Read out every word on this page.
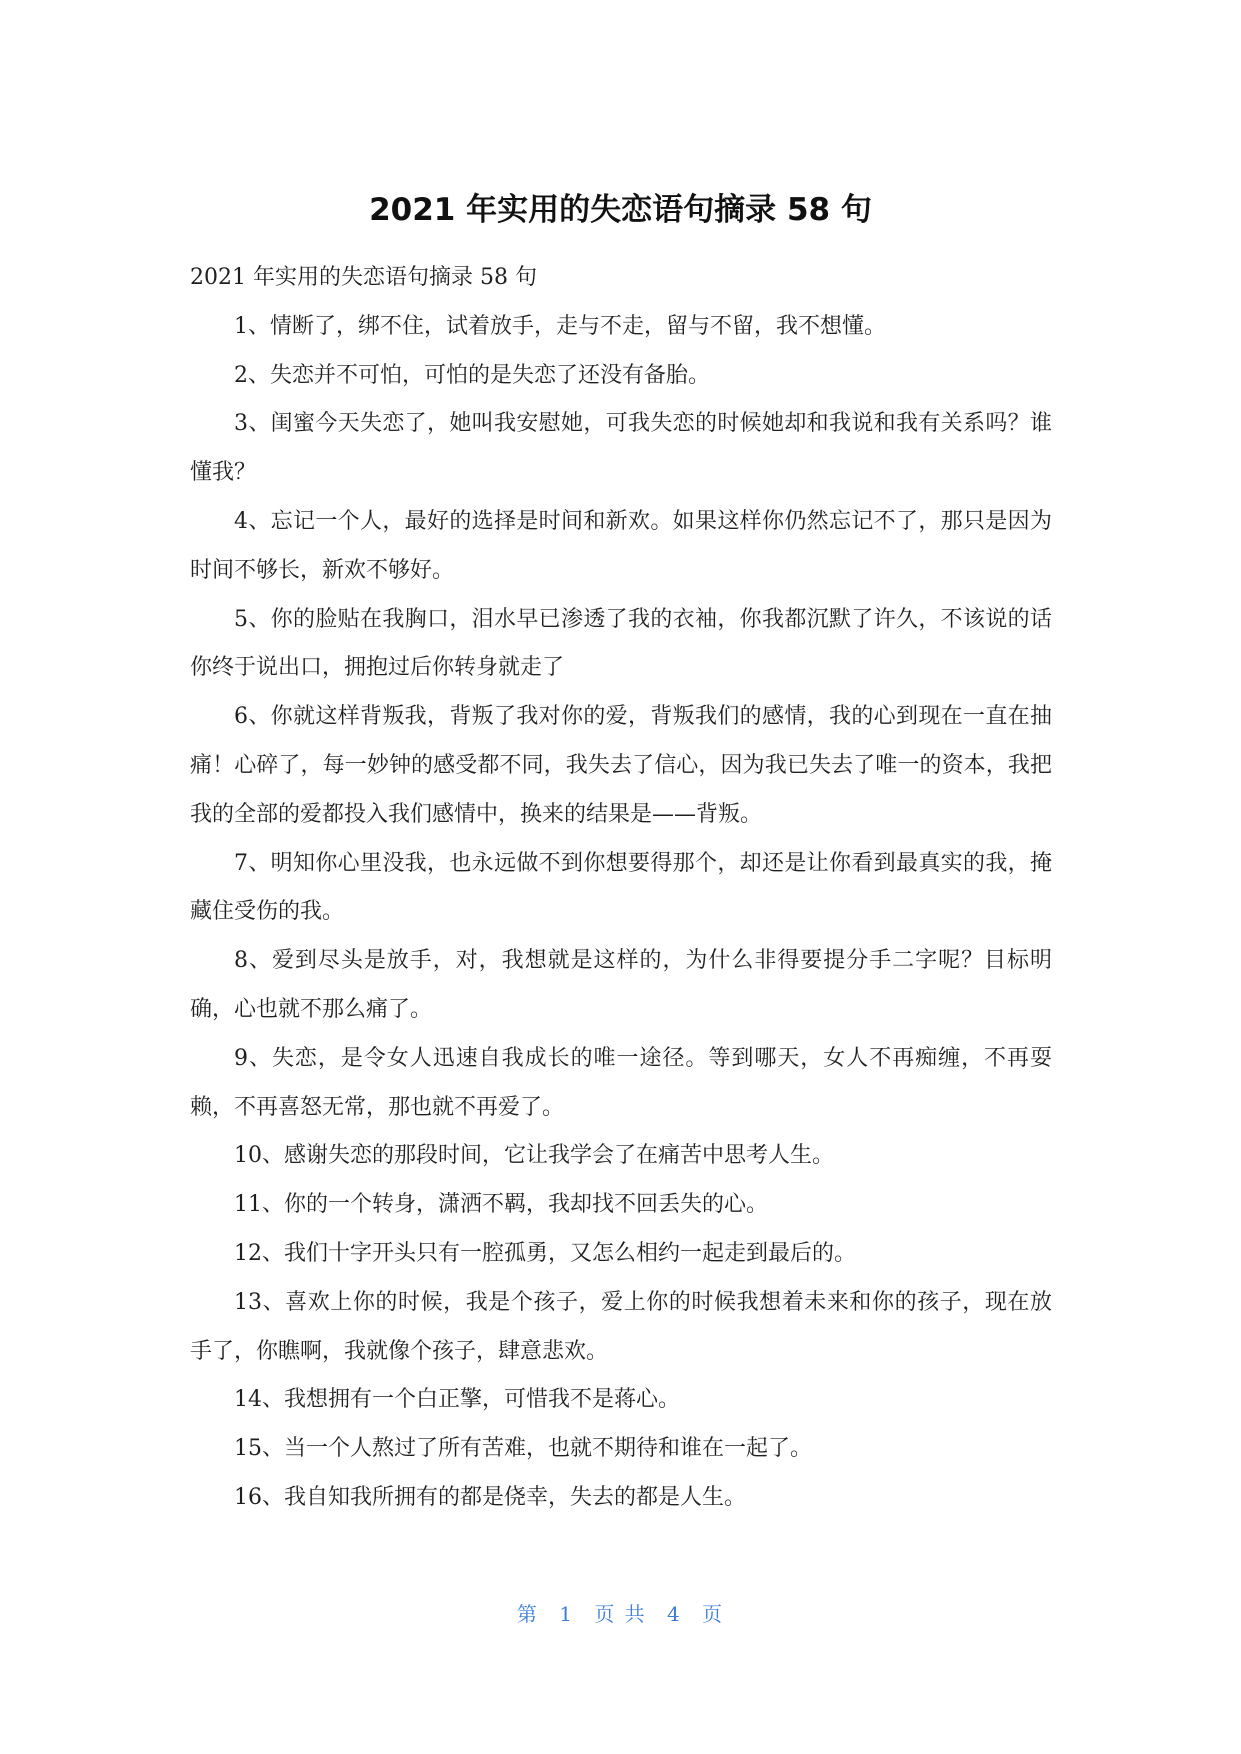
2021 年实用的失恋语句摘录 58 句

2021 年实用的失恋语句摘录 58 句

1、情断了，绑不住，试着放手，走与不走，留与不留，我不想懂。

2、失恋并不可怕，可怕的是失恋了还没有备胎。

3、闺蜜今天失恋了，她叫我安慰她，可我失恋的时候她却和我说和我有关系吗？谁懂我？

4、忘记一个人，最好的选择是时间和新欢。如果这样你仍然忘记不了，那只是因为时间不够长，新欢不够好。

5、你的脸贴在我胸口，泪水早已渗透了我的衣袖，你我都沉默了许久，不该说的话你终于说出口，拥抱过后你转身就走了

6、你就这样背叛我，背叛了我对你的爱，背叛我们的感情，我的心到现在一直在抽痛！心碎了，每一妙钟的感受都不同，我失去了信心，因为我已失去了唯一的资本，我把我的全部的爱都投入我们感情中，换来的结果是——背叛。

7、明知你心里没我，也永远做不到你想要得那个，却还是让你看到最真实的我，掩藏住受伤的我。

8、爱到尽头是放手，对，我想就是这样的，为什么非得要提分手二字呢？目标明确，心也就不那么痛了。

9、失恋，是令女人迅速自我成长的唯一途径。等到哪天，女人不再痴缠，不再耍赖，不再喜怒无常，那也就不再爱了。

10、感谢失恋的那段时间，它让我学会了在痛苦中思考人生。

11、你的一个转身，潇洒不羁，我却找不回丢失的心。

12、我们十字开头只有一腔孤勇，又怎么相约一起走到最后的。

13、喜欢上你的时候，我是个孩子，爱上你的时候我想着未来和你的孩子，现在放手了，你瞧啊，我就像个孩子，肆意悲欢。

14、我想拥有一个白正擎，可惜我不是蒋心。

15、当一个人熬过了所有苦难，也就不期待和谁在一起了。

16、我自知我所拥有的都是侥幸，失去的都是人生。

第 1 页 共 4 页
